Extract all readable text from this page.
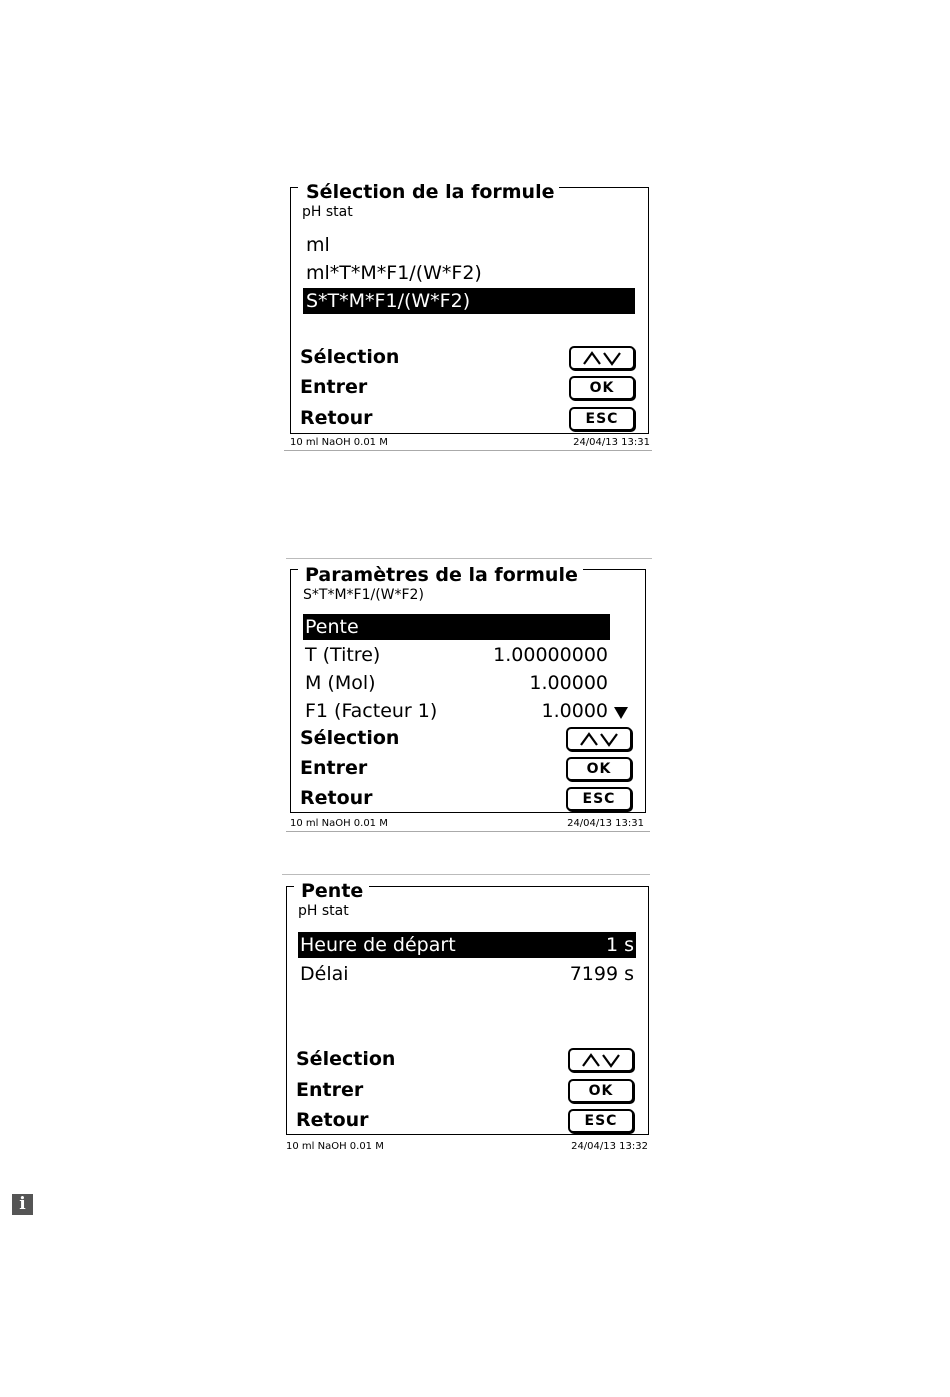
Sélection de la formule
pH stat
ml
ml*T*M*F1/(W*F2)
S*T*M*F1/(W*F2)
Sélection
Entrer	OK
Retour	ESC
10 ml NaOH 0.01 M	24/04/13 13:31
Paramètres de la formule
S*T*M*F1/(W*F2)
Pente
T (Titre)	1.00000000
M (Mol)	1.00000
F1 (Facteur 1)	1.0000
Sélection
Entrer	OK
Retour	ESC
10 ml NaOH 0.01 M	24/04/13 13:31
Pente
pH stat
Heure de départ	1 s
Délai	7199 s
Sélection
Entrer	OK
Retour	ESC
10 ml NaOH 0.01 M	24/04/13 13:32
i
